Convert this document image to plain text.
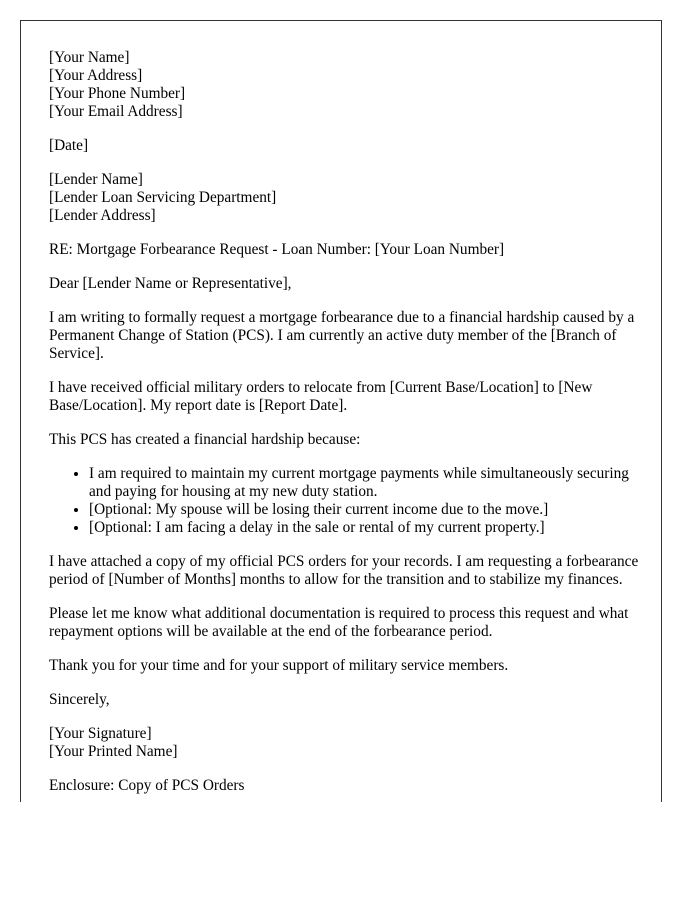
[Your Name]
[Your Address]
[Your Phone Number]
[Your Email Address]

[Date]

[Lender Name]
[Lender Loan Servicing Department]
[Lender Address]

RE: Mortgage Forbearance Request - Loan Number: [Your Loan Number]

Dear [Lender Name or Representative],

I am writing to formally request a mortgage forbearance due to a financial hardship caused by a Permanent Change of Station (PCS). I am currently an active duty member of the [Branch of Service].

I have received official military orders to relocate from [Current Base/Location] to [New Base/Location]. My report date is [Report Date].

This PCS has created a financial hardship because:

• I am required to maintain my current mortgage payments while simultaneously securing and paying for housing at my new duty station.
• [Optional: My spouse will be losing their current income due to the move.]
• [Optional: I am facing a delay in the sale or rental of my current property.]

I have attached a copy of my official PCS orders for your records. I am requesting a forbearance period of [Number of Months] months to allow for the transition and to stabilize my finances.

Please let me know what additional documentation is required to process this request and what repayment options will be available at the end of the forbearance period.

Thank you for your time and for your support of military service members.

Sincerely,

[Your Signature]
[Your Printed Name]

Enclosure: Copy of PCS Orders
